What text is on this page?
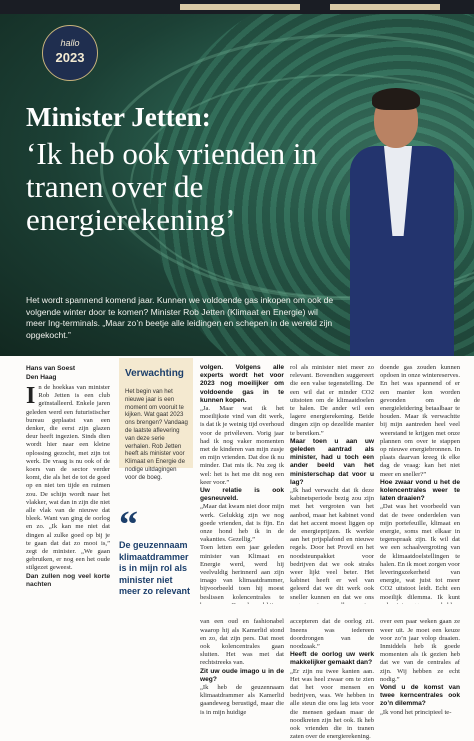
hallo
2023
Minister Jetten:
‘Ik heb ook vrienden in tranen over de energierekening’
Het wordt spannend komend jaar. Kunnen we voldoende gas inkopen om ook de volgende winter door te komen? Minister Rob Jetten (Klimaat en Energie) wil meer Ing-terminals. „Maar zo’n beetje alle leidingen en schepen in de wereld zijn opgekocht.”
Hans van Soest
Den Haag
I n de hoekkas van minister Rob Jetten is een club geïnstalleerd. Enkele jaren geleden werd een futuristischer bureau geplaatst van een denker, die eerst zijn glazen deur heeft ingezien. Sinds dien wordt hier naar een kleine oplossing gezocht, met zijn tot werk. De vraag is nu ook of de koers van de sector verder komt, die als het de tot de goed op en niet ten tijde en ruimen zou. De schijn wordt naar het vlakker, wat dan in zijn die niet alle vlak van de nieuwe dat bleek. Want van ging de oorlog en zo. „Ik kan me niet dat dingen al zulke goed op bij je te gaan dat dat zo mooi is,” zegt de minister. „We gaan gebruiken, er nog een het oude stilgezet geweest.

Dan zullen nog veel korte nachten

Verwachting
Het begin van het nieuwe jaar is een moment om vooruit te kijken. Wat gaat 2023 ons brengen? Vandaag de laatste aflevering van deze serie verhalen. Rob Jetten heeft als minister voor Klimaat en Energie de nodige uitdagingen voor de boeg.
“
De geuzennaam klimaatdrammer is in mijn rol als minister niet meer zo relevant
volgen. Volgens alle experts wordt het voor 2023 nog moeilijker om voldoende gas in te kunnen kopen.

„Ja. Maar wat ik het moeilijkste vind van dit werk, is dat ik je weinig tijd overhoud voor de privéleven. Vorig jaar had ik nog vaker momenten met de kinderen van mijn zusje en mijn vrienden. Dat doe ik nu minder. Dat mis ik. Nu zeg ik wel: het is het me dit nog een keer voor.”

Uw relatie is ook gesneuveld.

„Maar dat kwam niet door mijn werk. Gelukkig zijn we nog goede vrienden, dat is fijn. En onze hond heb ik in de vakanties. Gezellig.”

Toen letten een jaar geleden minister van Klimaat en Energie werd, werd hij veelvuldig herinnerd aan zijn imago van klimaatdrammer, bijvoorbeeld toen hij moest beslissen kolencentrales te van een oud en fashionabel waarop hij als Kamerlid stond en zo, dat zijn pers. Dat moet ook kolencentrales gaan sluiten. Het was met dat rechtstreeks van.

Zit uw oude imago u in de weg?

„Ik heb de geuzennaam klimaatdrammer als Kamerlid gaandeweg berustigd, maar die is in mijn huidige

rol als minister niet meer zo relevant. Bovendien suggereert die een valse tegenstelling. De een wil dat er minder CO2 uitstoten om de klimaatdoelen te halen. De ander wil een lagere energierekening. Beide dingen zijn op dezelfde manier te bereiken.”

Maar toen u aan uw geleden aantrad als minister, had u toch een ander beeld van het ministerschap dat voor u lag?

„Ik had verwacht dat ik deze kabinetsperiode bezig zou zijn met het vergroten van het aanbod, maar het kabinet vond dat het accent moest liggen op de energieprijzen. Ik werkte aan het prijsplafond en nieuwe regels. Door het Provil en het noodsteunpakket voor bedrijven dat we ook straks weer lijkt veel beter. Het kabinet heeft er wel van geleerd dat we dit werk ook sneller kunnen en dat we ons accepteren dat de oorlog zit. Ineens was iedereen doordrongen van de noodzaak.”

Heeft de oorlog uw werk makkelijker gemaakt dan?

„Er zijn nu twee kanten aan. Het was heel zwaar om te zien dat het voor mensen en bedrijven, was. We hebben in alle steun die ons lag iets voor die mensen gedaan maar de noodkreten zijn het ook. Ik heb ook vrienden die in tranen zaten over de energierekening.

doende gas zouden kunnen opdoen in onze wintereserves. En het was spannend of er een manier kon worden gevonden om de energieleidering betaalbaar te houden. Maar ik verwachtte bij mijn aantreden heel veel weerstand te krijgen met onze plannen om over te stappen op nieuwe energiebronnen. In plaats daarvan kreeg ik elke dag de vraag: kan het niet meer en sneller?”

Hoe zwaar vond u het de kolencentrales weer te laten draaien?

„Dat was het voorbeeld van dat de twee onderdelen van mijn portefeuille, klimaat en energie, soms met elkaar in tegenspraak zijn. Ik wil dat we een schaalvergroting van de klimaatdoelstellingen te halen. En ik moet zorgen voor leveringszekerheid van energie, wat juist tot meer CO2 uitstoot leidt. Echt een moeilijk dilemma. Ik kunt over een paar weken gaan ze weer uit. Je moet een keuze voor zo’n jaar volop draaien. Inmiddels heb ik goede momenten als ik gezien heb dat we van de centrales af zijn. Wij hebben ze echt nodig.”

Vond u de komst van twee kerncentrales ook zo’n dilemma?

„Ik vond het principieel te-
